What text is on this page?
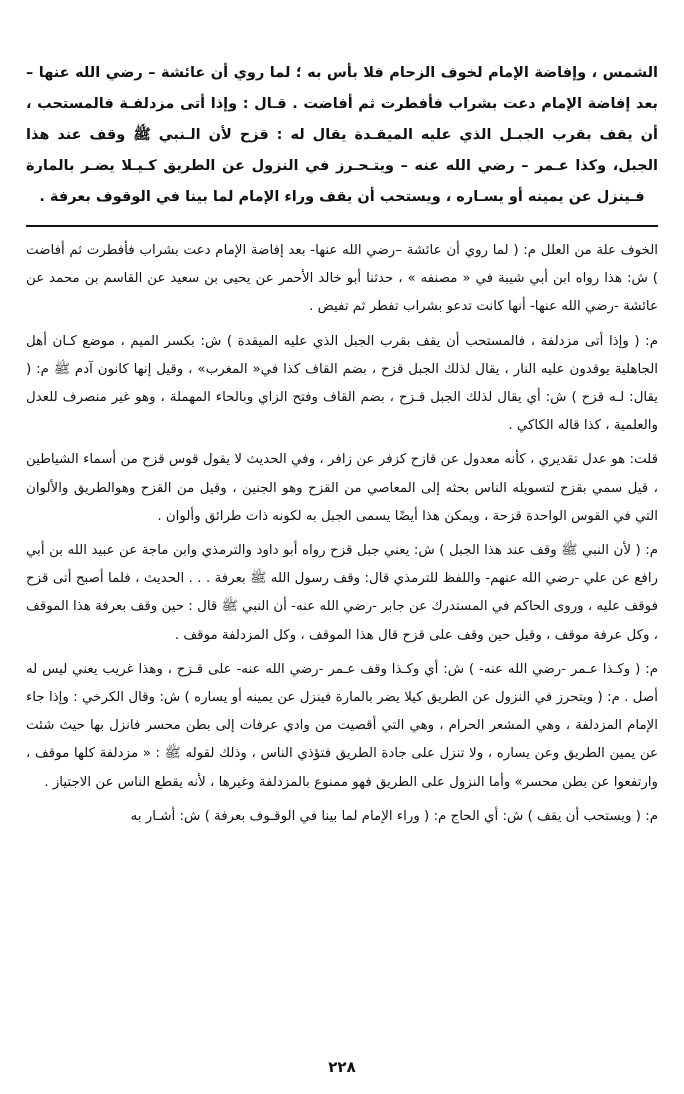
الشمس ، وإفاضة الإمام لخوف الزحام فلا بأس به ؛ لما روي أن عائشة – رضي الله عنها – بعد إفاضة الإمام دعت بشراب فأفطرت ثم أفاضت . قـال : وإذا أتى مزدلفـة فالمستحب ، أن يقف بقرب الجبـل الذي عليه الميقـدة يقال له : قزح لأن الـنبي ﷺ وقف عند هذا الجبل، وكذا عـمر – رضي الله عنه – ويتـحـرز في النزول عن الطريق كـيـلا يضـر بالمارة فـينزل عن يمينه أو يسـاره ، ويستحب أن يقف وراء الإمام لما بينا في الوقوف بعرفة .

الخوف علة من العلل م: ( لما روي أن عائشة –رضي الله عنها- بعد إفاضة الإمام دعت بشراب فأفطرت ثم أفاضت ) ش: هذا رواه ابن أبي شيبة في « مصنفه » ، حدثنا أبو خالد الأحمر عن يحيى بن سعيد عن القاسم بن محمد عن عائشة -رضي الله عنها- أنها كانت تدعو بشراب تفطر ثم تفيض .

م: ( وإذا أتى مزدلفة ، فالمستحب أن يقف بقرب الجبل الذي عليه الميقدة ) ش: بكسر الميم ، موضع كـان أهل الجاهلية يوقدون عليه النار ، يقال لذلك الجبل قزح ، بضم القاف كذا في« المغرب» ، وقيل إنها كانون آدم ﷺ م: ( يقال: لـه قزح ) ش: أي يقال لذلك الجبل قـزح ، بضم القاف وفتح الزاي وبالحاء المهملة ، وهو غير منصرف للعدل والعلمية ، كذا قاله الكاكي .

قلت: هو عدل تقديري ، كأنه معدول عن قازح كزفر عن زافر ، وفي الحديث لا يقول قوس قزح من أسماء الشياطين ، قيل سمي بقزح لتسويله الناس بحثه إلى المعاصي من القزح وهو الجنين ، وقيل من القزح وهوالطريق والألوان التي في القوس الواحدة قزحة ، ويمكن هذا أيضًا يسمى الجبل به لكونه ذات طرائق وألوان .

م: ( لأن النبي ﷺ وقف عند هذا الجبل ) ش: يعني جبل قزح رواه أبو داود والترمذي وابن ماجة عن عبيد الله بن أبي رافع عن علي -رضي الله عنهم- واللفظ للترمذي قال: وقف رسول الله ﷺ بعرفة . . . الحديث ، فلما أصبح أتى قزح فوقف عليه ، وروى الحاكم في المستدرك عن جابر -رضي الله عنه- أن النبي ﷺ قال : حين وقف بعرفة هذا الموقف ، وكل عرفة موقف ، وقيل حين وقف على قزح قال هذا الموقف ، وكل المزدلفة موقف .

م: ( وكـذا عـمر -رضي الله عنه- ) ش: أي وكـذا وقف عـمر -رضي الله عنه- على قـزح ، وهذا غريب يعني ليس له أصل . م: ( ويتحرز في النزول عن الطريق كيلا يضر بالمارة فينزل عن يمينه أو يساره ) ش: وقال الكرخي : وإذا جاء الإمام المزدلفة ، وهي المشعر الحرام ، وهي التي أقصيت من وادي عرفات إلى بطن محسر فانزل بها حيث شئت عن يمين الطريق وعن يساره ، ولا تنزل على جادة الطريق فتؤذي الناس ، وذلك لقوله ﷺ : « مزدلفة كلها موقف ، وارتفعوا عن بطن محسر» وأما النزول على الطريق فهو ممنوع بالمزدلفة وغيرها ، لأنه يقطع الناس عن الاجتياز .

م: ( ويستحب أن يقف ) ش: أي الحاج م: ( وراء الإمام لما بينا في الوقـوف بعرفة ) ش: أشـار به

٢٢٨
